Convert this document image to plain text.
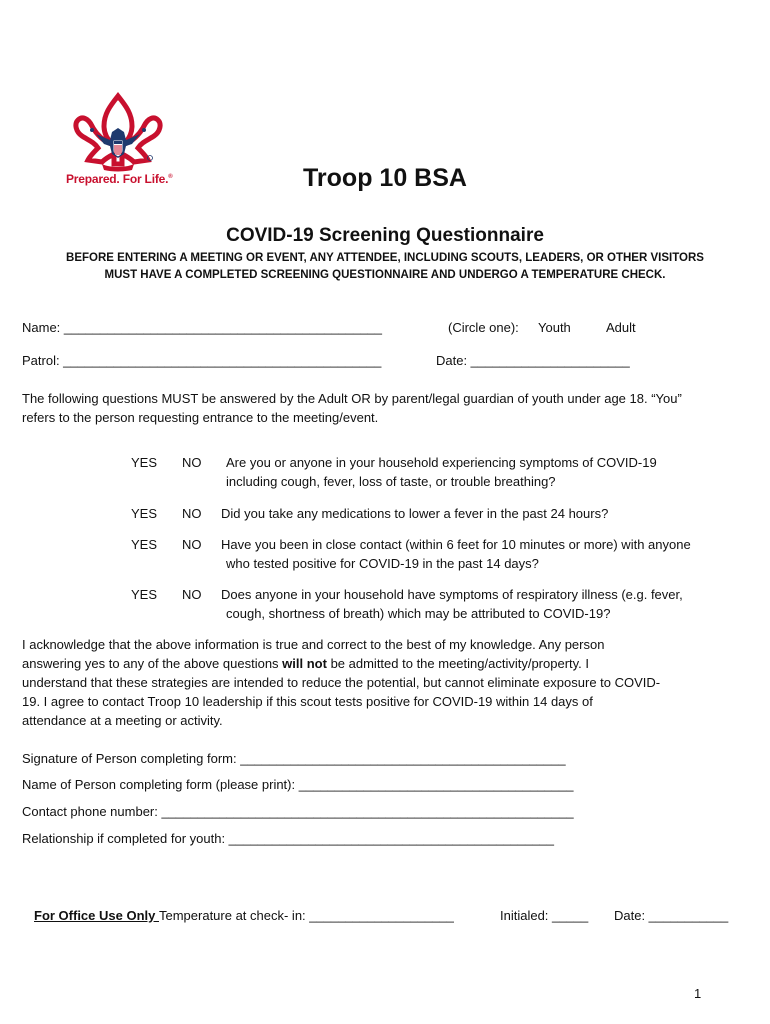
Prepared. For Life.®	Troop 10 BSA
COVID-19 Screening Questionnaire
BEFORE ENTERING A MEETING OR EVENT, ANY ATTENDEE, INCLUDING SCOUTS, LEADERS, OR OTHER VISITORS
MUST HAVE A COMPLETED SCREENING QUESTIONNAIRE AND UNDERGO A TEMPERATURE CHECK.
Name: ____________________________________________	(Circle one): Youth	Adult
Patrol: ____________________________________________	Date: ______________________
The following questions MUST be answered by the Adult OR by parent/legal guardian of youth under age 18. “You”
refers to the person requesting entrance to the meeting/event.
YES NO Are you or anyone in your household experiencing symptoms of COVID-19
including cough, fever, loss of taste, or trouble breathing?
YES NO Did you take any medications to lower a fever in the past 24 hours?
YES NO Have you been in close contact (within 6 feet for 10 minutes or more) with anyone
who tested positive for COVID-19 in the past 14 days?
YES NO Does anyone in your household have symptoms of respiratory illness (e.g. fever,
cough, shortness of breath) which may be attributed to COVID-19?
I acknowledge that the above information is true and correct to the best of my knowledge. Any person
answering yes to any of the above questions will not be admitted to the meeting/activity/property. I
understand that these strategies are intended to reduce the potential, but cannot eliminate exposure to COVID-
19. I agree to contact Troop 10 leadership if this scout tests positive for COVID-19 within 14 days of
attendance at a meeting or activity.
Signature of Person completing form: _____________________________________________
Name of Person completing form (please print): ______________________________________
Contact phone number: _________________________________________________________
Relationship if completed for youth: _____________________________________________
For Office Use Only Temperature at check- in: ____________________	Initialed: _____ Date: ___________
1
